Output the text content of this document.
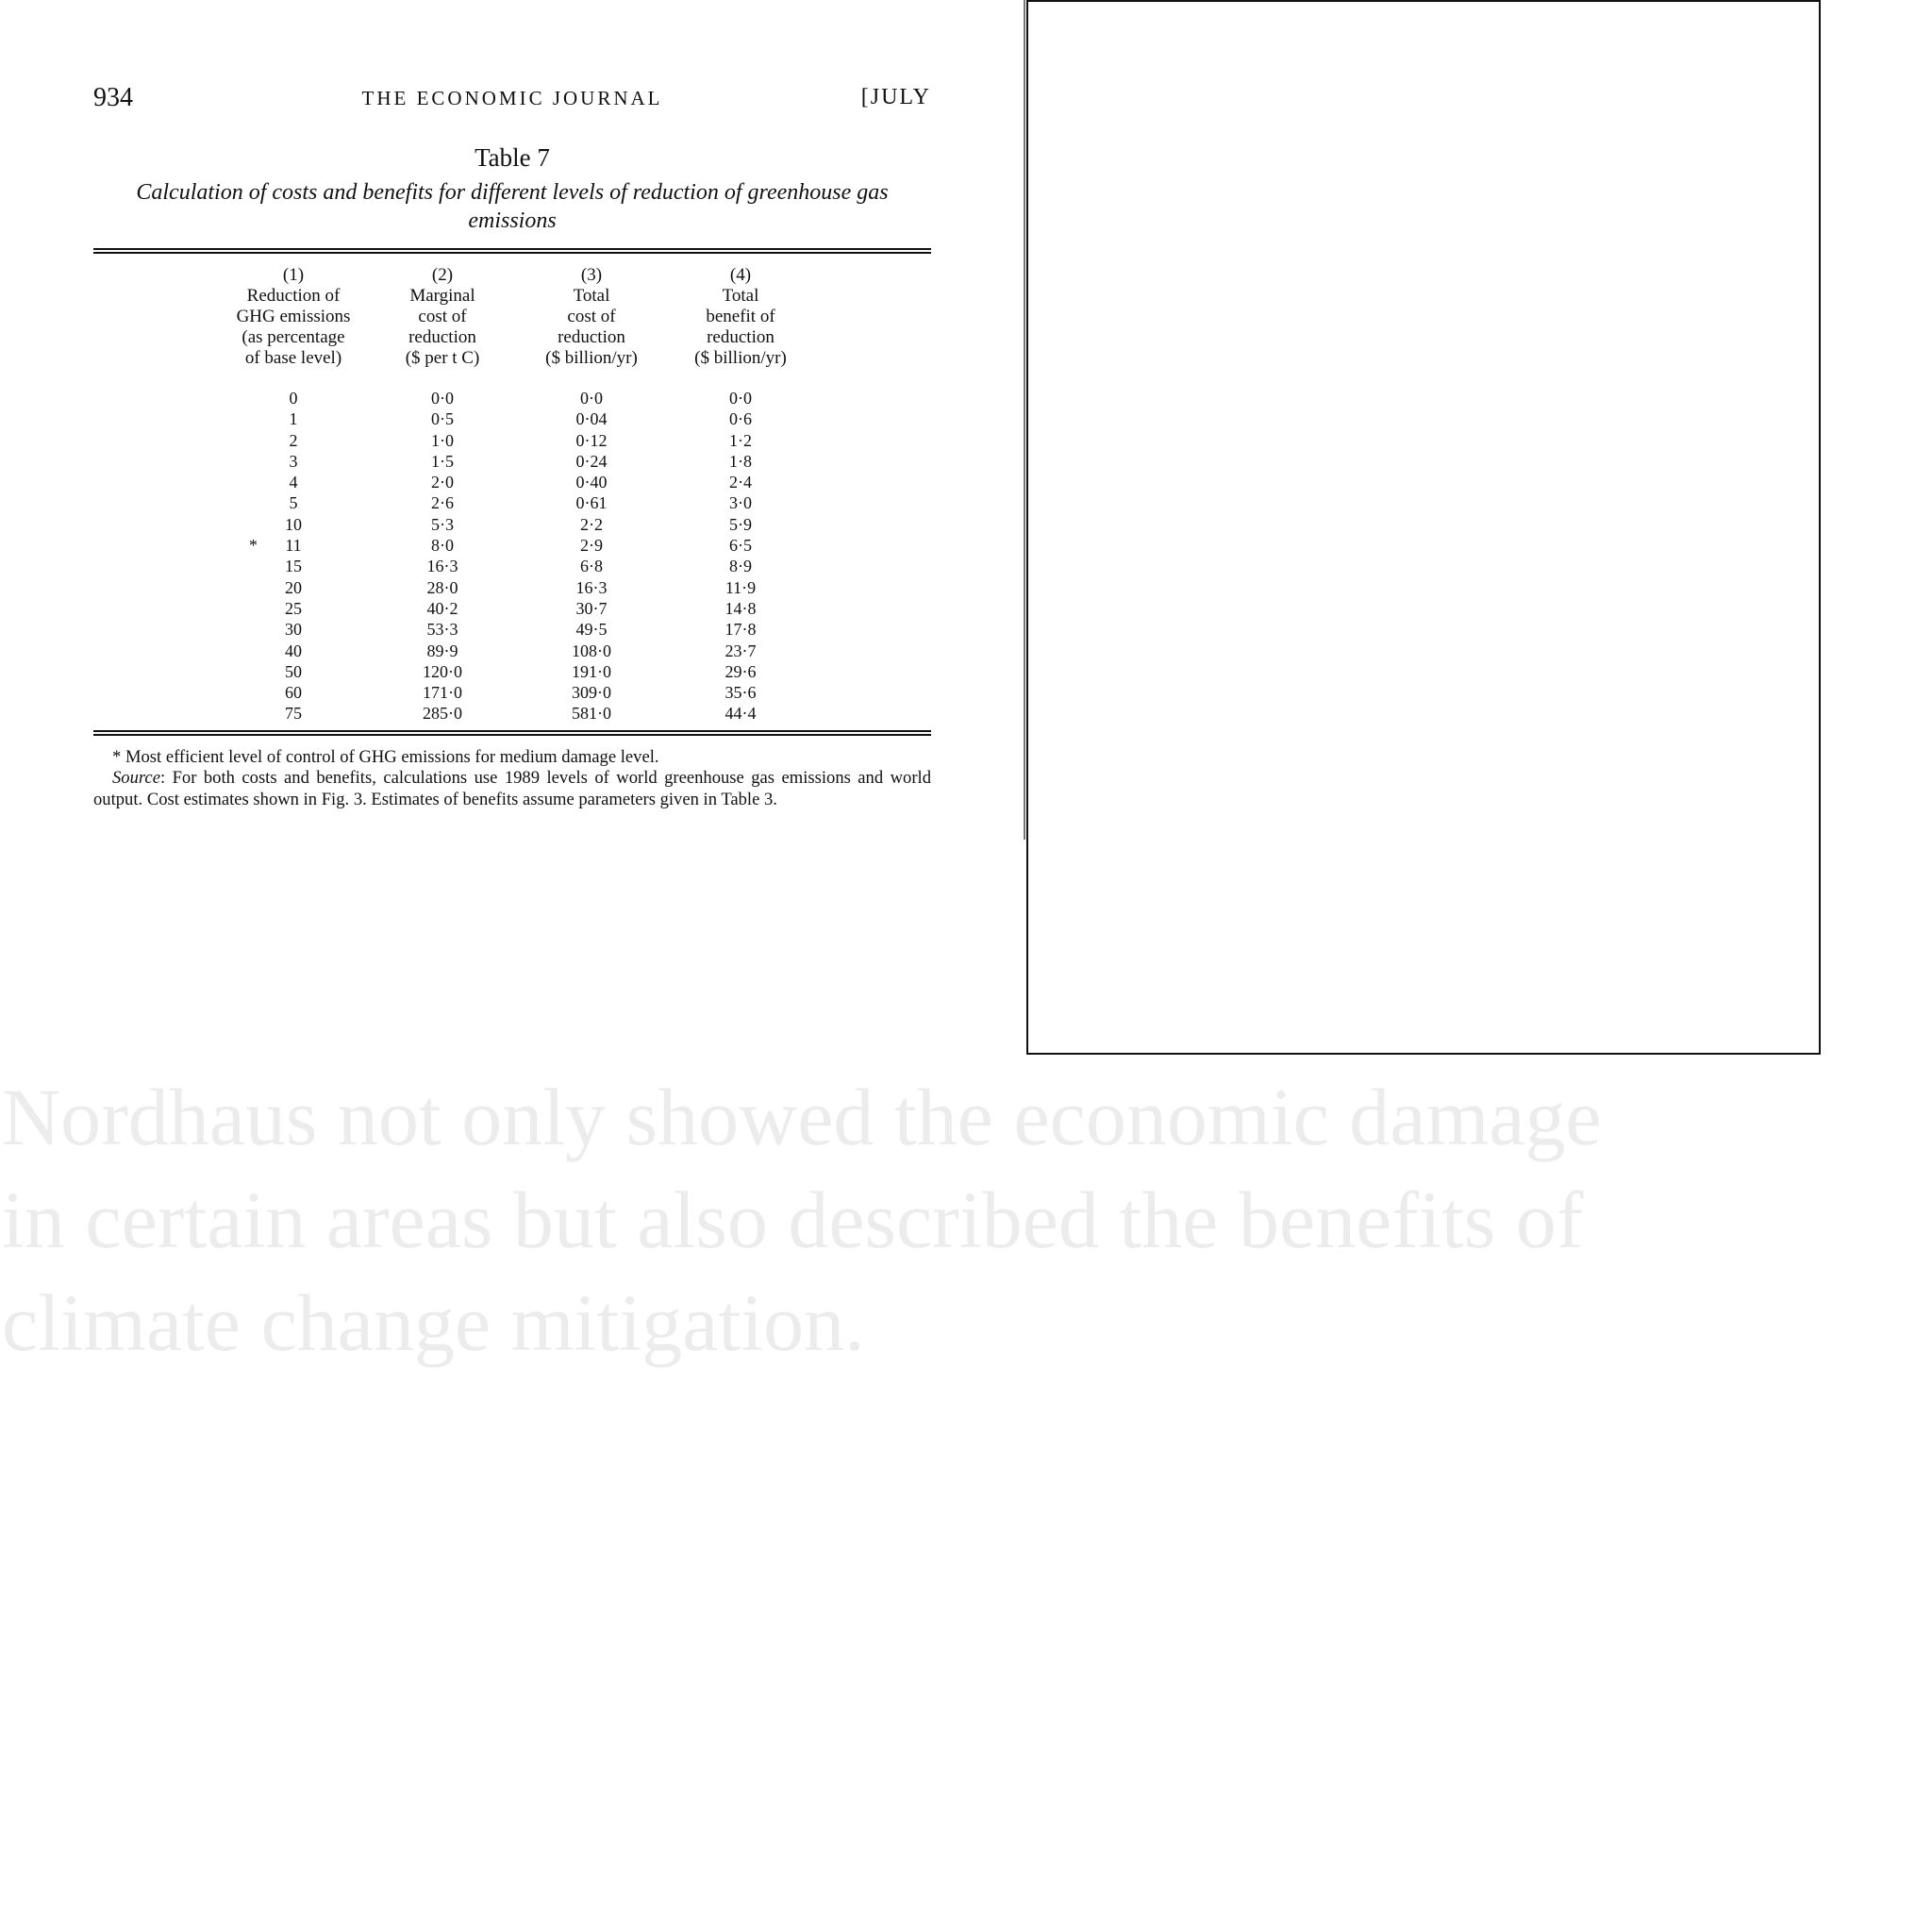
934	THE ECONOMIC JOURNAL	[JULY
Table 7
Calculation of costs and benefits for different levels of reduction of greenhouse gas emissions
(1)
Reduction of
GHG emissions
(as percentage
of base level)	(2)
Marginal
cost of
reduction
($ per t C)	(3)
Total
cost of
reduction
($ billion/yr)	(4)
Total
benefit of
reduction
($ billion/yr)

0	0·0	0·0	0·0
1	0·5	0·04	0·6
2	1·0	0·12	1·2
3	1·5	0·24	1·8
4	2·0	0·40	2·4
5	2·6	0·61	3·0
10	5·3	2·2	5·9

* 11	8·0	2·9	6·5
15	16·3	6·8	8·9
20	28·0	16·3	11·9
25	40·2	30·7	14·8
30	53·3	49·5	17·8
40	89·9	108·0	23·7
50	120·0	191·0	29·6
60	171·0	309·0	35·6
75	285·0	581·0	44·4
* Most efficient level of control of GHG emissions for medium damage level.
Source: For both costs and benefits, calculations use 1989 levels of world greenhouse gas emissions and world output. Cost estimates shown in Fig. 3. Estimates of benefits assume parameters given in Table 3.
Nordhaus not only showed the economic damage in certain areas but also described the benefits of climate change mitigation.
